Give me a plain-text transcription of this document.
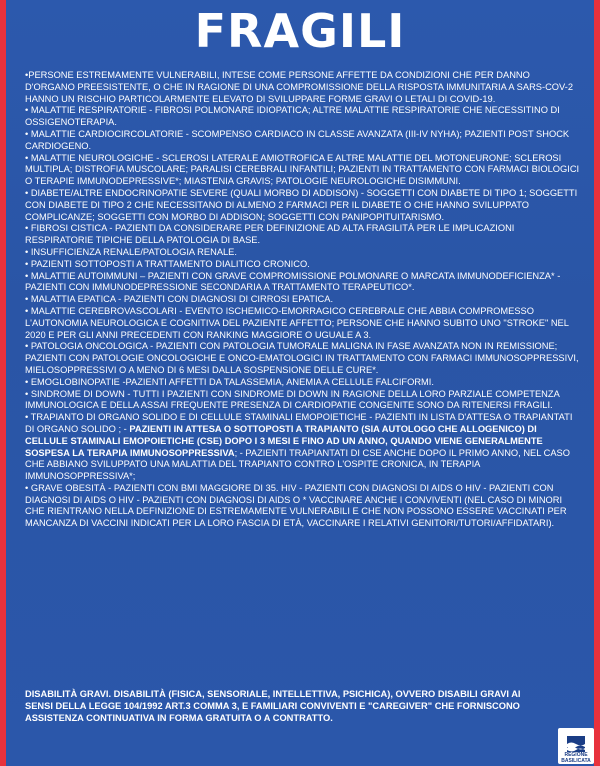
FRAGILI

•PERSONE ESTREMAMENTE VULNERABILI, INTESE COME PERSONE AFFETTE DA CONDIZIONI CHE PER DANNO D'ORGANO PREESISTENTE, O CHE IN RAGIONE DI UNA COMPROMISSIONE DELLA RISPOSTA IMMUNITARIA A SARS-COV-2 HANNO UN RISCHIO PARTICOLARMENTE ELEVATO DI SVILUPPARE FORME GRAVI O LETALI DI COVID-19.

• MALATTIE RESPIRATORIE - FIBROSI POLMONARE IDIOPATICA; ALTRE MALATTIE RESPIRATORIE CHE NECESSITINO DI OSSIGENOTERAPIA.

• MALATTIE CARDIOCIRCOLATORIE - SCOMPENSO CARDIACO IN CLASSE AVANZATA (III-IV NYHA); PAZIENTI POST SHOCK CARDIOGENO.

• MALATTIE NEUROLOGICHE - SCLEROSI LATERALE AMIOTROFICA E ALTRE MALATTIE DEL MOTONEURONE; SCLEROSI MULTIPLA; DISTROFIA MUSCOLARE; PARALISI CEREBRALI INFANTILI; PAZIENTI IN TRATTAMENTO CON FARMACI BIOLOGICI O TERAPIE IMMUNODEPRESSIVE*; MIASTENIA GRAVIS; PATOLOGIE NEUROLOGICHE DISIMMUNI.

• DIABETE/ALTRE ENDOCRINOPATIE SEVERE (QUALI MORBO DI ADDISON) - SOGGETTI CON DIABETE DI TIPO 1; SOGGETTI CON DIABETE DI TIPO 2 CHE NECESSITANO DI ALMENO 2 FARMACI PER IL DIABETE O CHE HANNO SVILUPPATO COMPLICANZE; SOGGETTI CON MORBO DI ADDISON; SOGGETTI CON PANIPOPITUITARISMO.

• FIBROSI CISTICA - PAZIENTI DA CONSIDERARE PER DEFINIZIONE AD ALTA FRAGILITÀ PER LE IMPLICAZIONI RESPIRATORIE TIPICHE DELLA PATOLOGIA DI BASE.

• INSUFFICIENZA RENALE/PATOLOGIA RENALE.

• PAZIENTI SOTTOPOSTI A TRATTAMENTO DIALITICO CRONICO.

• MALATTIE AUTOIMMUNI – PAZIENTI CON GRAVE COMPROMISSIONE POLMONARE O MARCATA IMMUNODEFICIENZA* - PAZIENTI CON IMMUNODEPRESSIONE SECONDARIA A TRATTAMENTO TERAPEUTICO*.

• MALATTIA EPATICA - PAZIENTI CON DIAGNOSI DI CIRROSI EPATICA.

• MALATTIE CEREBROVASCOLARI - EVENTO ISCHEMICO-EMORRAGICO CEREBRALE CHE ABBIA COMPROMESSO L'AUTONOMIA NEUROLOGICA E COGNITIVA DEL PAZIENTE AFFETTO; PERSONE CHE HANNO SUBITO UNO "STROKE" NEL 2020 E PER GLI ANNI PRECEDENTI CON RANKING MAGGIORE O UGUALE A 3.

• PATOLOGIA ONCOLOGICA - PAZIENTI CON PATOLOGIA TUMORALE MALIGNA IN FASE AVANZATA NON IN REMISSIONE; PAZIENTI CON PATOLOGIE ONCOLOGICHE E ONCO-EMATOLOGICI IN TRATTAMENTO CON FARMACI IMMUNOSOPPRESSIVI, MIELOSOPPRESSIVI O A MENO DI 6 MESI DALLA SOSPENSIONE DELLE CURE*.

• EMOGLOBINOPATIE -PAZIENTI AFFETTI DA TALASSEMIA, ANEMIA A CELLULE FALCIFORMI.

• SINDROME DI DOWN - TUTTI I PAZIENTI CON SINDROME DI DOWN IN RAGIONE DELLA LORO PARZIALE COMPETENZA IMMUNOLOGICA E DELLA ASSAI FREQUENTE PRESENZA DI CARDIOPATIE CONGENITE SONO DA RITENERSI FRAGILI.

• TRAPIANTO DI ORGANO SOLIDO E DI CELLULE STAMINALI EMOPOIETICHE - PAZIENTI IN LISTA D'ATTESA O TRAPIANTATI DI ORGANO SOLIDO ; - PAZIENTI IN ATTESA O SOTTOPOSTI A TRAPIANTO (SIA AUTOLOGO CHE ALLOGENICO) DI CELLULE STAMINALI EMOPOIETICHE (CSE) DOPO I 3 MESI E FINO AD UN ANNO, QUANDO VIENE GENERALMENTE SOSPESA LA TERAPIA IMMUNOSOPPRESSIVA; - PAZIENTI TRAPIANTATI DI CSE ANCHE DOPO IL PRIMO ANNO, NEL CASO CHE ABBIANO SVILUPPATO UNA MALATTIA DEL TRAPIANTO CONTRO L'OSPITE CRONICA, IN TERAPIA IMMUNOSOPPRESSIVA*;

• GRAVE OBESITÀ - PAZIENTI CON BMI MAGGIORE DI 35. HIV - PAZIENTI CON DIAGNOSI DI AIDS O HIV - PAZIENTI CON DIAGNOSI DI AIDS O HIV - PAZIENTI CON DIAGNOSI DI AIDS O * VACCINARE ANCHE I CONVIVENTI (NEL CASO DI MINORI CHE RIENTRANO NELLA DEFINIZIONE DI ESTREMAMENTE VULNERABILI E CHE NON POSSONO ESSERE VACCINATI PER MANCANZA DI VACCINI INDICATI PER LA LORO FASCIA DI ETÀ, VACCINARE I RELATIVI GENITORI/TUTORI/AFFIDATARI).

DISABILITÀ GRAVI. DISABILITÀ (FISICA, SENSORIALE, INTELLETTIVA, PSICHICA), OVVERO DISABILI GRAVI AI SENSI DELLA LEGGE 104/1992 ART.3 COMMA 3, E FAMILIARI CONVIVENTI E "CAREGIVER" CHE FORNISCONO ASSISTENZA CONTINUATIVA IN FORMA GRATUITA O A CONTRATTO.
REGIONE
BASILICATA
